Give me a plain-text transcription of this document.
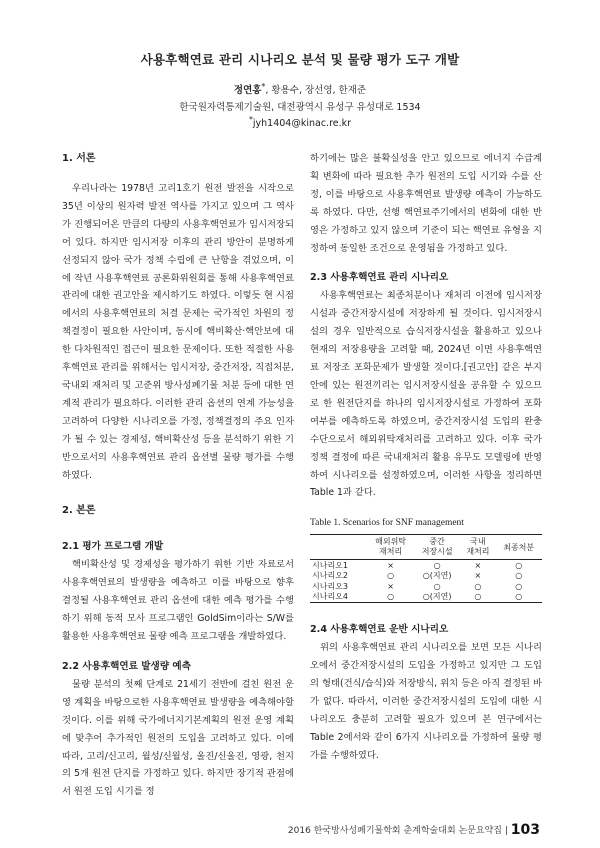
사용후핵연료 관리 시나리오 분석 및 물량 평가 도구 개발
정연홍*, 황용수, 장선영, 한재준
한국원자력통제기술원, 대전광역시 유성구 유성대로 1534
*jyh1404@kinac.re.kr

1. 서론

우리나라는 1978년 고리1호기 원전 발전을 시작으로 35년 이상의 원자력 발전 역사를 가지고 있으며 그 역사가 진행되어온 만큼의 다량의 사용후핵연료가 임시저장되어 있다. 하지만 임시저장 이후의 관리 방안이 분명하게 선정되지 않아 국가 정책 수립에 큰 난항을 겪었으며, 이에 작년 사용후핵연료 공론화위원회를 통해 사용후핵연료 관리에 대한 권고안을 제시하기도 하였다. 이렇듯 현 시점에서의 사용후핵연료의 처결 문제는 국가적인 차원의 정책결정이 필요한 사안이며, 동시에 핵비확산·핵안보에 대한 다차원적인 접근이 필요한 문제이다. 또한 적절한 사용후핵연료 관리를 위해서는 임시저장, 중간저장, 직접처분, 국내외 재처리 및 고준위 방사성폐기물 처분 등에 대한 연계적 관리가 필요하다. 이러한 관리 옵션의 연계 가능성을 고려하여 다양한 시나리오를 가정, 정책결정의 주요 인자가 될 수 있는 경제성, 핵비확산성 등을 분석하기 위한 기반으로서의 사용후핵연료 관리 옵션별 물량 평가를 수행하였다.

2. 본론

2.1 평가 프로그램 개발

핵비확산성 및 경제성을 평가하기 위한 기반 자료로서 사용후핵연료의 발생량을 예측하고 이를 바탕으로 향후 결정될 사용후핵연료 관리 옵션에 대한 예측 평가를 수행하기 위해 동적 모사 프로그램인 GoldSim이라는 S/W를 활용한 사용후핵연료 물량 예측 프로그램을 개발하였다.

2.2 사용후핵연료 발생량 예측

물량 분석의 첫째 단계로 21세기 전반에 걸친 원전 운영 계획을 바탕으로한 사용후핵연료 발생량을 예측해야할 것이다. 이를 위해 국가에너지기본계획의 원전 운영 계획에 맞추어 추가적인 원전의 도입을 고려하고 있다. 이에 따라, 고리/신고리, 월성/신월성, 울진/신울진, 영광, 천지의 5개 원전 단지를 가정하고 있다. 하지만 장기적 관점에서 원전 도입 시기를 정

하기에는 많은 불확실성을 안고 있으므로 에너지 수급계획 변화에 따라 필요한 추가 원전의 도입 시기와 수를 산정, 이를 바탕으로 사용후핵연료 발생량 예측이 가능하도록 하였다. 다만, 선행 핵연료주기에서의 변화에 대한 반영은 가정하고 있지 않으며 기준이 되는 핵연료 유형을 지정하여 동일한 조건으로 운영됨을 가정하고 있다.

2.3 사용후핵연료 관리 시나리오

사용후핵연료는 최종처분이나 재처리 이전에 임시저장시설과 중간저장시설에 저장하게 될 것이다. 임시저장시설의 경우 일반적으로 습식저장시설을 활용하고 있으나 현재의 저장용량을 고려할 때, 2024년 이면 사용후핵연료 저장조 포화문제가 발생할 것이다.[권고안] 같은 부지 안에 있는 원전끼리는 임시저장시설을 공유할 수 있으므로 한 원전단지를 하나의 임시저장시설로 가정하여 포화여부를 예측하도록 하였으며, 중간저장시설 도입의 완충수단으로서 해외위탁재처리를 고려하고 있다. 이후 국가 정책 결정에 따른 국내재처리 활용 유무도 모델링에 반영하여 시나리오를 설정하였으며, 이러한 사항을 정리하면 Table 1과 같다.

Table 1. Scenarios for SNF management

	해외위탁	중간	국내	최종처분
	재처리	저장시설	재처리	
시나리오1	×	○	×	○
시나리오2	○	○(지연)	×	○
시나리오3	×	○	○	○
시나리오4	○	○(지연)	○	○

2.4 사용후핵연료 운반 시나리오

위의 사용후핵연료 관리 시나리오를 보면 모든 시나리오에서 중간저장시설의 도입을 가정하고 있지만 그 도입의 형태(건식/습식)와 저장방식, 위치 등은 아직 결정된 바가 없다. 따라서, 이러한 중간저장시설의 도입에 대한 시나리오도 충분히 고려할 필요가 있으며 본 연구에서는 Table 2에서와 같이 6가지 시나리오를 가정하여 물량 평가를 수행하였다.

2016 한국방사성폐기물학회 춘계학술대회 논문요약집 | 103
